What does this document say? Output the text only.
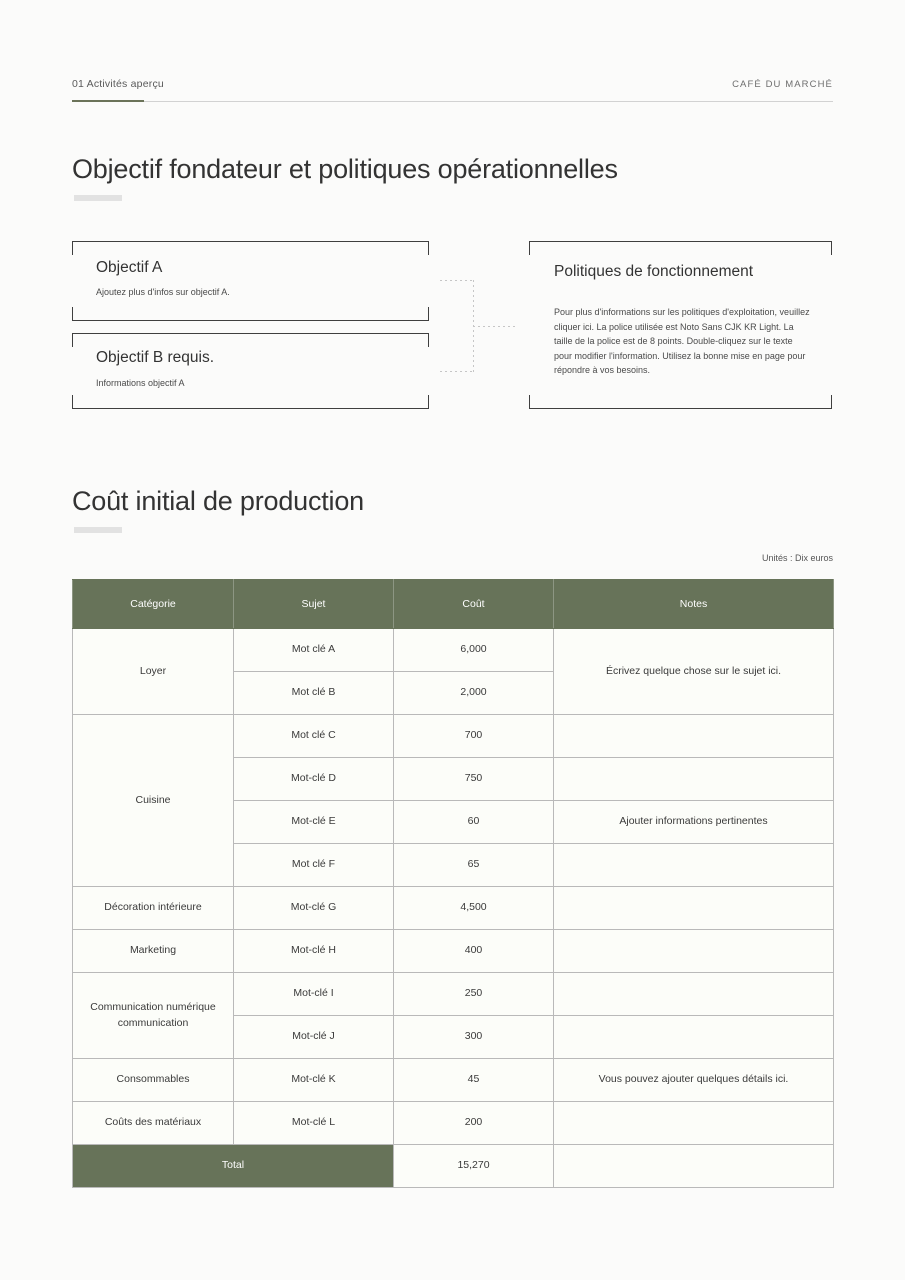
01 Activités aperçu	CAFÉ DU MARCHÉ
Objectif fondateur et politiques opérationnelles
Objectif A
Ajoutez plus d'infos sur objectif A.
Objectif B requis.
Informations objectif A
Politiques de fonctionnement
Pour plus d'informations sur les politiques d'exploitation, veuillez cliquer ici. La police utilisée est Noto Sans CJK KR Light. La taille de la police est de 8 points. Double-cliquez sur le texte pour modifier l'information. Utilisez la bonne mise en page pour répondre à vos besoins.
Coût initial de production
Unités : Dix euros
Catégorie	Sujet	Coût	Notes
Loyer	Mot clé A	6,000	Écrivez quelque chose sur le sujet ici.
	Mot clé B	2,000	
Cuisine	Mot clé C	700	
	Mot-clé D	750	
	Mot-clé E	60	Ajouter informations pertinentes
	Mot clé F	65	
Décoration intérieure	Mot-clé G	4,500	
Marketing	Mot-clé H	400	
Communication numérique communication	Mot-clé I	250	
	Mot-clé J	300	
Consommables	Mot-clé K	45	Vous pouvez ajouter quelques détails ici.
Coûts des matériaux	Mot-clé L	200	
Total		15,270	
